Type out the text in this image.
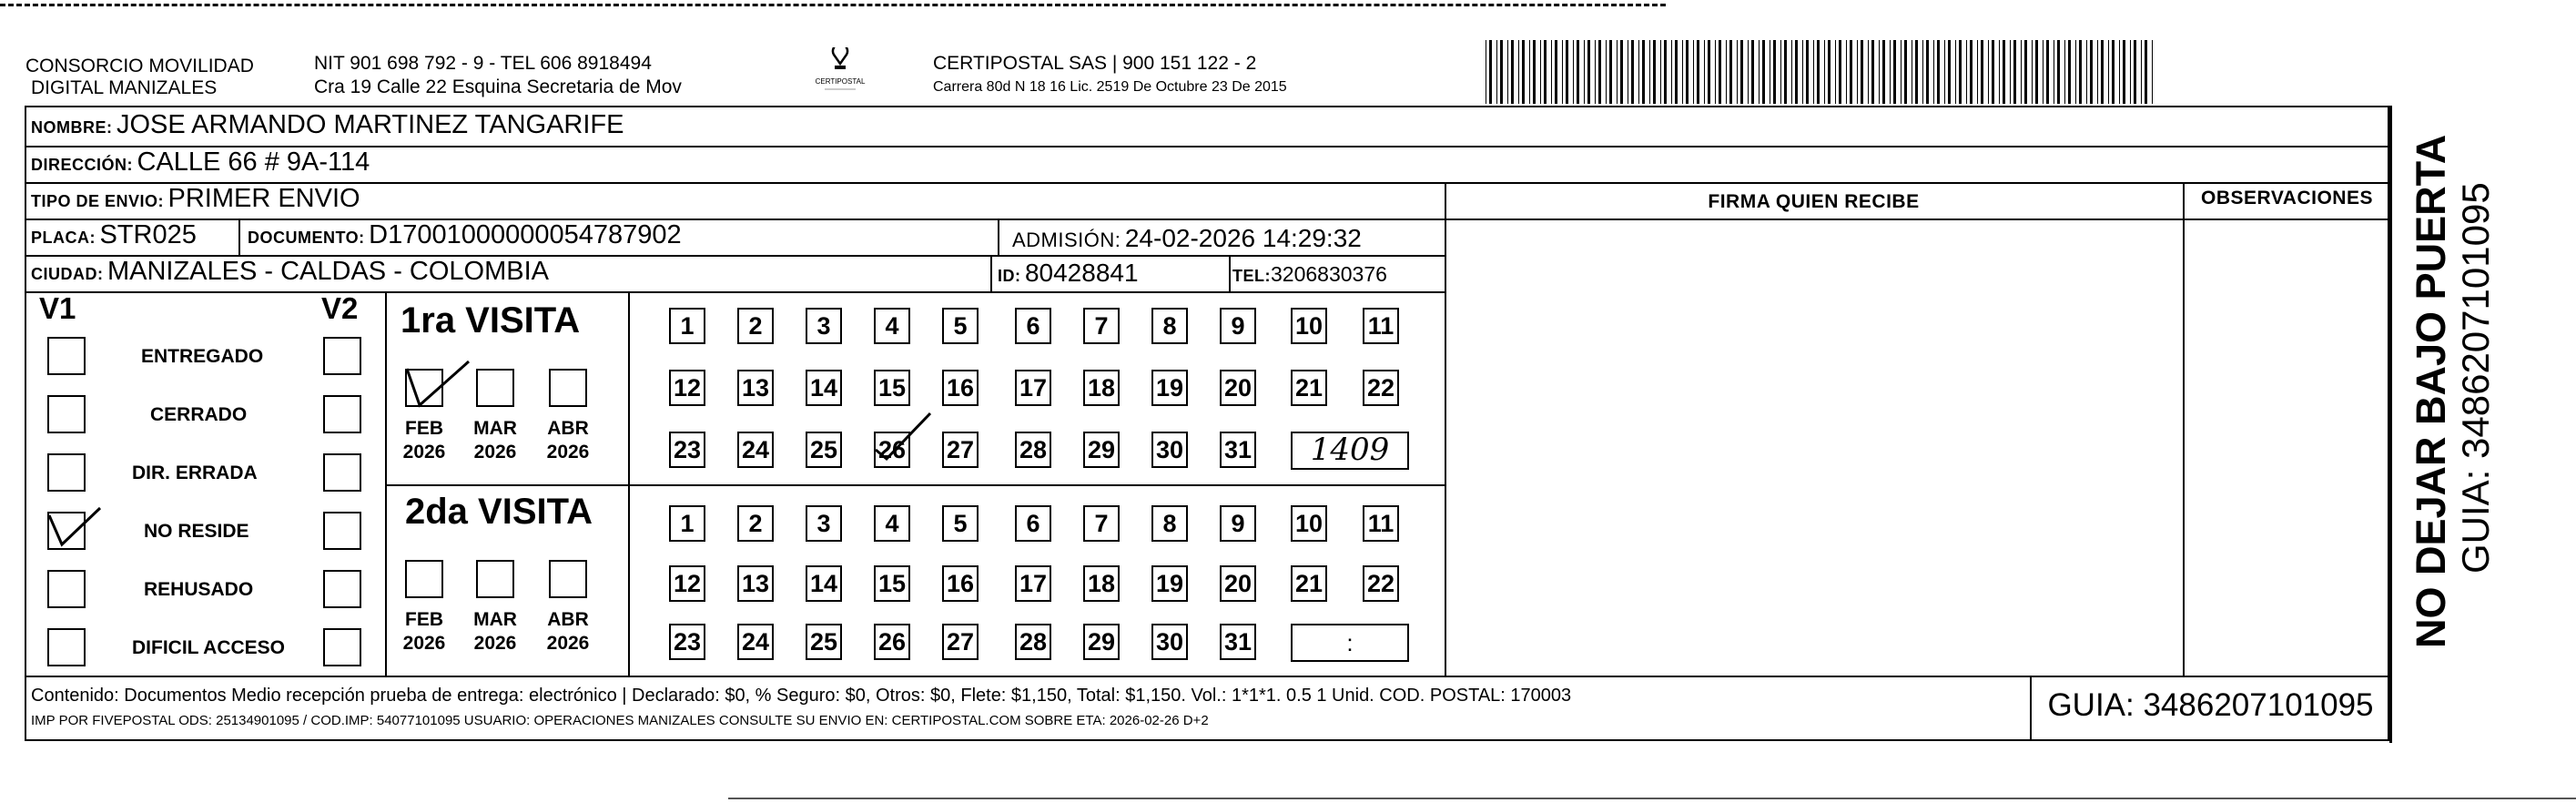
CONSORCIO MOVILIDAD
DIGITAL MANIZALES
NIT 901 698 792 - 9 - TEL 606 8918494
Cra 19 Calle 22 Esquina Secretaria de Mov	CERTIPOSTAL
CERTIPOSTAL SAS | 900 151 122 - 2
Carrera 80d N 18 16 Lic. 2519 De Octubre 23 De 2015
NOMBRE: JOSE ARMANDO MARTINEZ TANGARIFE
DIRECCIÓN: CALLE 66 # 9A-114
TIPO DE ENVIO: PRIMER ENVIO
PLACA: STR025	DOCUMENTO: D17001000000054787902	ADMISIÓN: 24-02-2026 14:29:32
CIUDAD: MANIZALES - CALDAS - COLOMBIA	ID: 80428841	TEL:3206830376
FIRMA QUIEN RECIBE	OBSERVACIONES
V1	V2 1ra VISITA
2da VISITA
Contenido: Documentos Medio recepción prueba de entrega: electrónico | Declarado: $0, % Seguro: $0, Otros: $0, Flete: $1,150, Total: $1,150. Vol.: 1*1*1. 0.5 1 Unid. COD. POSTAL: 170003
IMP POR FIVEPOSTAL ODS: 25134901095 / COD.IMP: 54077101095 USUARIO: OPERACIONES MANIZALES CONSULTE SU ENVIO EN: CERTIPOSTAL.COM SOBRE ETA: 2026-02-26 D+2	GUIA: 3486207101095
NO DEJAR BAJO PUERTA GUIA: 3486207101095
ENTREGADO
CERRADO
DIR. ERRADA
NO RESIDE
REHUSADO
DIFICIL ACCESO
FEB
2026
MAR
2026
ABR
2026
FEB
2026
MAR
2026
ABR
2026
1	2	3	4	5	6	7	8	9	10 11
12 13 14 15 16 17 18 19 20 21 22
23 24 25 26 27 28 29 30 31	1409
1	2	3	4	5	6	7	8	9	10 11
12 13 14 15 16 17 18 19 20 21 22
23 24 25 26 27 28 29 30 31	:
